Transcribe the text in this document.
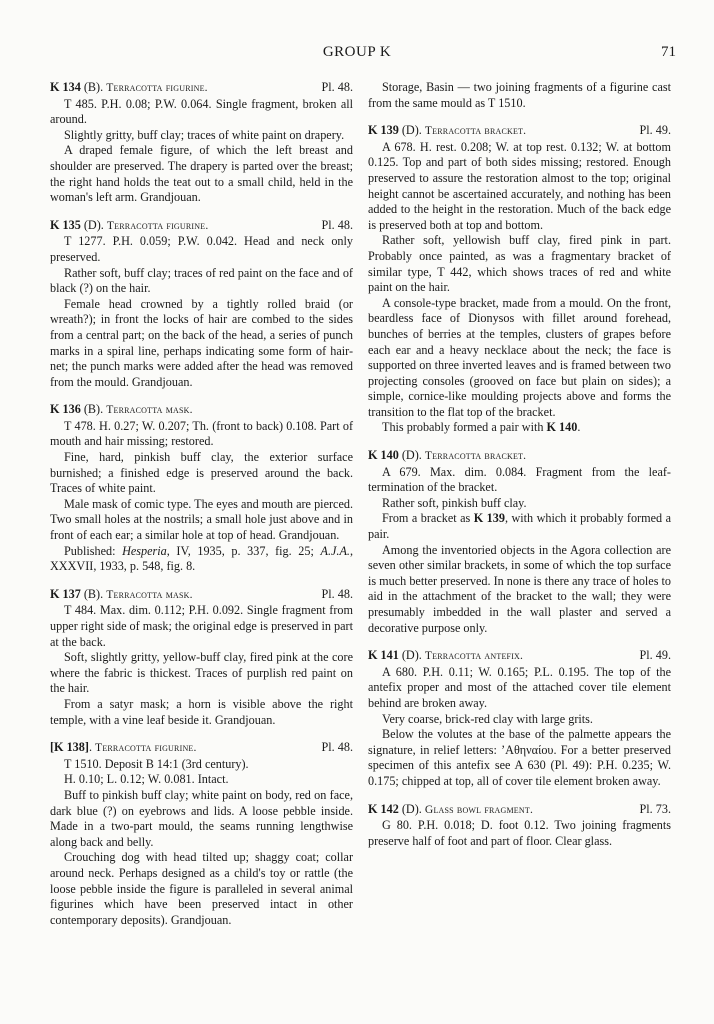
GROUP K	71
K 134 (B). Terracotta figurine.	Pl. 48.

T 485. P.H. 0.08; P.W. 0.064. Single fragment, broken all around.

Slightly gritty, buff clay; traces of white paint on drapery.

A draped female figure, of which the left breast and shoulder are preserved. The drapery is parted over the breast; the right hand holds the teat out to a small child, held in the woman's left arm. Grandjouan.

K 135 (D). Terracotta figurine.	Pl. 48.

T 1277. P.H. 0.059; P.W. 0.042. Head and neck only preserved.

Rather soft, buff clay; traces of red paint on the face and of black (?) on the hair.

Female head crowned by a tightly rolled braid (or wreath?); in front the locks of hair are combed to the sides from a central part; on the back of the head, a series of punch marks in a spiral line, perhaps indicating some form of hair-net; the punch marks were added after the head was removed from the mould. Grandjouan.

K 136 (B). Terracotta mask.

T 478. H. 0.27; W. 0.207; Th. (front to back) 0.108. Part of mouth and hair missing; restored.

Fine, hard, pinkish buff clay, the exterior surface burnished; a finished edge is preserved around the back. Traces of white paint.

Male mask of comic type. The eyes and mouth are pierced. Two small holes at the nostrils; a small hole just above and in front of each ear; a similar hole at top of head. Grandjouan.

Published: Hesperia, IV, 1935, p. 337, fig. 25; A.J.A., XXXVII, 1933, p. 548, fig. 8.

K 137 (B). Terracotta mask.	Pl. 48.

T 484. Max. dim. 0.112; P.H. 0.092. Single fragment from upper right side of mask; the original edge is preserved in part at the back.

Soft, slightly gritty, yellow-buff clay, fired pink at the core where the fabric is thickest. Traces of purplish red paint on the hair.

From a satyr mask; a horn is visible above the right temple, with a vine leaf beside it. Grandjouan.

[K 138]. Terracotta figurine.	Pl. 48.

T 1510. Deposit B 14:1 (3rd century).

H. 0.10; L. 0.12; W. 0.081. Intact.

Buff to pinkish buff clay; white paint on body, red on face, dark blue (?) on eyebrows and lids. A loose pebble inside. Made in a two-part mould, the seams running lengthwise along back and belly.

Crouching dog with head tilted up; shaggy coat; collar around neck. Perhaps designed as a child's toy or rattle (the loose pebble inside the figure is paralleled in several animal figurines which have been preserved intact in other contemporary deposits). Grandjouan.

Storage, Basin — two joining fragments of a figurine cast from the same mould as T 1510.

K 139 (D). Terracotta bracket.	Pl. 49.

A 678. H. rest. 0.208; W. at top rest. 0.132; W. at bottom 0.125. Top and part of both sides missing; restored. Enough preserved to assure the restoration almost to the top; original height cannot be ascertained accurately, and nothing has been added to the height in the restoration. Much of the back edge is preserved both at top and bottom.

Rather soft, yellowish buff clay, fired pink in part. Probably once painted, as was a fragmentary bracket of similar type, T 442, which shows traces of red and white paint on the hair.

A console-type bracket, made from a mould. On the front, beardless face of Dionysos with fillet around forehead, bunches of berries at the temples, clusters of grapes before each ear and a heavy necklace about the neck; the face is supported on three inverted leaves and is framed between two projecting consoles (grooved on face but plain on sides); a simple, cornice-like moulding projects above and forms the transition to the flat top of the bracket.

This probably formed a pair with K 140.

K 140 (D). Terracotta bracket.

A 679. Max. dim. 0.084. Fragment from the leaf-termination of the bracket.

Rather soft, pinkish buff clay.

From a bracket as K 139, with which it probably formed a pair.

Among the inventoried objects in the Agora collection are seven other similar brackets, in some of which the top surface is much better preserved. In none is there any trace of holes to aid in the attachment of the bracket to the wall; they were presumably imbedded in the wall plaster and served a decorative purpose only.

K 141 (D). Terracotta antefix.	Pl. 49.

A 680. P.H. 0.11; W. 0.165; P.L. 0.195. The top of the antefix proper and most of the attached cover tile element behind are broken away.

Very coarse, brick-red clay with large grits.

Below the volutes at the base of the palmette appears the signature, in relief letters: ’Αθηναίου. For a better preserved specimen of this antefix see A 630 (Pl. 49): P.H. 0.235; W. 0.175; chipped at top, all of cover tile element broken away.

K 142 (D). Glass bowl fragment.	Pl. 73.

G 80. P.H. 0.018; D. foot 0.12. Two joining fragments preserve half of foot and part of floor. Clear glass.
